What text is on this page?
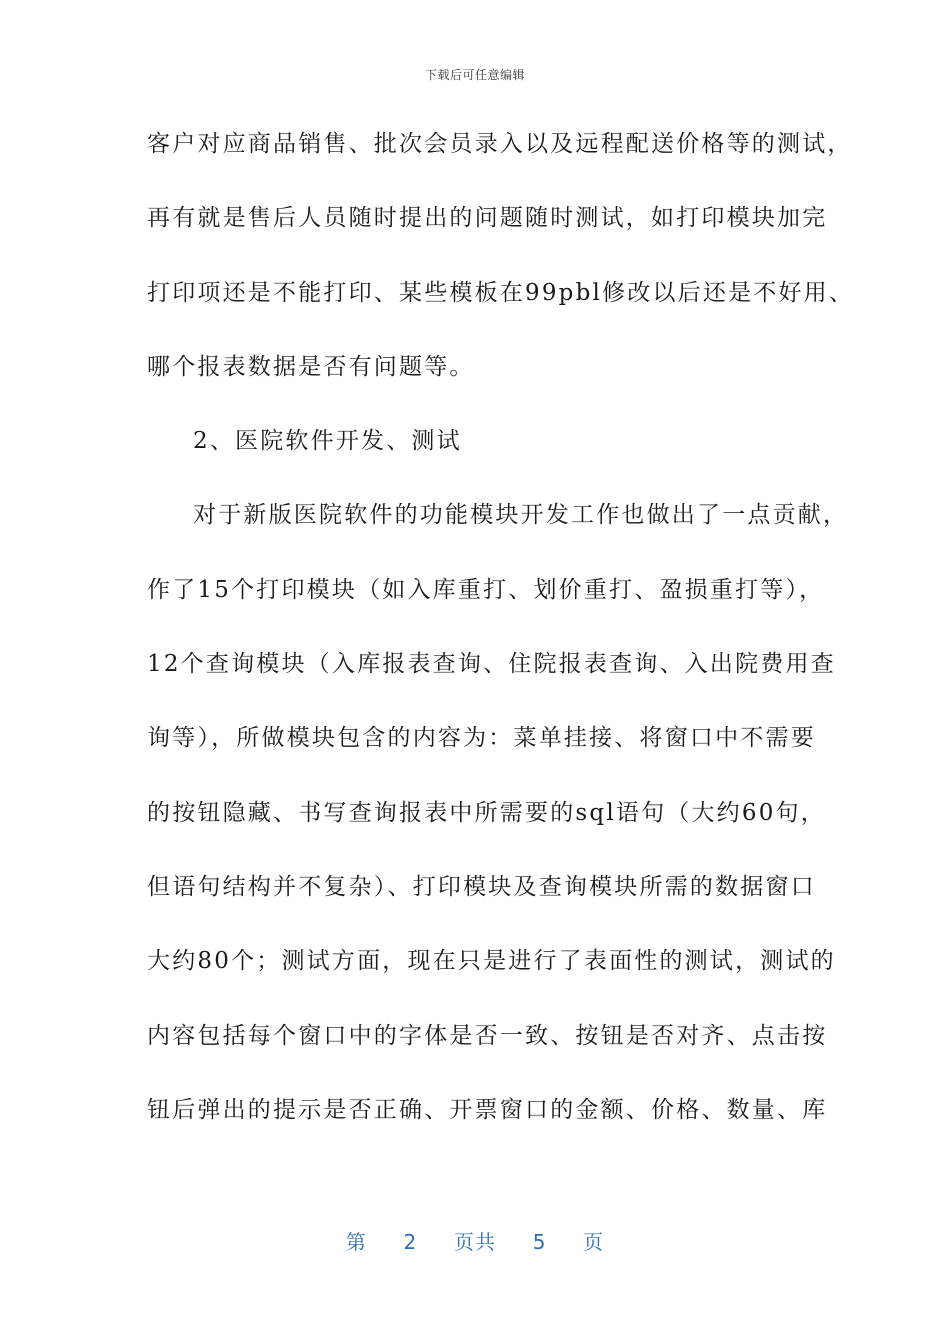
下载后可任意编辑
客户对应商品销售、批次会员录入以及远程配送价格等的测试，
再有就是售后人员随时提出的问题随时测试，如打印模块加完
打印项还是不能打印、某些模板在99pbl修改以后还是不好用、
哪个报表数据是否有问题等。
2、医院软件开发、测试
对于新版医院软件的功能模块开发工作也做出了一点贡献，
作了15个打印模块（如入库重打、划价重打、盈损重打等），
12个查询模块（入库报表查询、住院报表查询、入出院费用查
询等），所做模块包含的内容为：菜单挂接、将窗口中不需要
的按钮隐藏、书写查询报表中所需要的sql语句（大约60句，
但语句结构并不复杂）、打印模块及查询模块所需的数据窗口
大约80个；测试方面，现在只是进行了表面性的测试，测试的
内容包括每个窗口中的字体是否一致、按钮是否对齐、点击按
钮后弹出的提示是否正确、开票窗口的金额、价格、数量、库
第 2 页共 5 页
